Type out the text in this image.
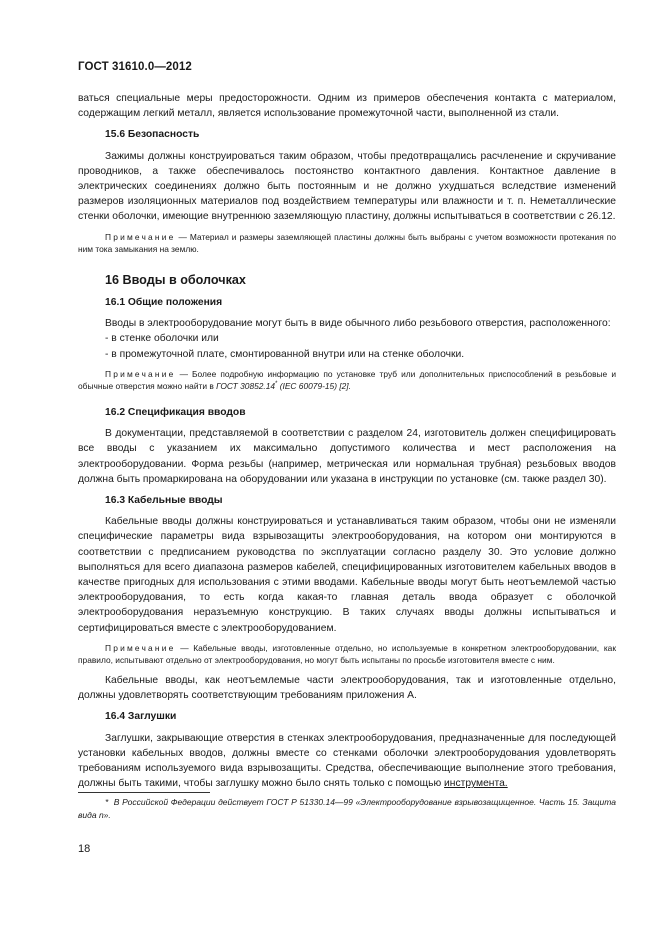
ГОСТ 31610.0—2012

ваться специальные меры предосторожности. Одним из примеров обеспечения контакта с материалом, содержащим легкий металл, является использование промежуточной части, выполненной из стали.

15.6 Безопасность

Зажимы должны конструироваться таким образом, чтобы предотвращались расчленение и скручивание проводников, а также обеспечивалось постоянство контактного давления. Контактное давление в электрических соединениях должно быть постоянным и не должно ухудшаться вследствие изменений размеров изоляционных материалов под воздействием температуры или влажности и т. п. Неметаллические стенки оболочки, имеющие внутреннюю заземляющую пластину, должны испытываться в соответствии с 26.12.

Примечание — Материал и размеры заземляющей пластины должны быть выбраны с учетом возможности протекания по ним тока замыкания на землю.

16 Вводы в оболочках

16.1 Общие положения

Вводы в электрооборудование могут быть в виде обычного либо резьбового отверстия, расположенного:

- в стенке оболочки или

- в промежуточной плате, смонтированной внутри или на стенке оболочки.

Примечание — Более подробную информацию по установке труб или дополнительных приспособлений в резьбовые и обычные отверстия можно найти в ГОСТ 30852.14* (IEC 60079-15) [2].

16.2 Спецификация вводов

В документации, представляемой в соответствии с разделом 24, изготовитель должен специфицировать все вводы с указанием их максимально допустимого количества и мест расположения на электрооборудовании. Форма резьбы (например, метрическая или нормальная трубная) резьбовых вводов должна быть промаркирована на оборудовании или указана в инструкции по установке (см. также раздел 30).

16.3 Кабельные вводы

Кабельные вводы должны конструироваться и устанавливаться таким образом, чтобы они не изменяли специфические параметры вида взрывозащиты электрооборудования, на котором они монтируются в соответствии с предписанием руководства по эксплуатации согласно разделу 30. Это условие должно выполняться для всего диапазона размеров кабелей, специфицированных изготовителем кабельных вводов в качестве пригодных для использования с этими вводами. Кабельные вводы могут быть неотъемлемой частью электрооборудования, то есть когда какая-то главная деталь ввода образует с оболочкой электрооборудования неразъемную конструкцию. В таких случаях вводы должны испытываться и сертифицироваться вместе с электрооборудованием.

Примечание — Кабельные вводы, изготовленные отдельно, но используемые в конкретном электрооборудовании, как правило, испытывают отдельно от электрооборудования, но могут быть испытаны по просьбе изготовителя вместе с ним.

Кабельные вводы, как неотъемлемые части электрооборудования, так и изготовленные отдельно, должны удовлетворять соответствующим требованиям приложения А.

16.4 Заглушки

Заглушки, закрывающие отверстия в стенках электрооборудования, предназначенные для последующей установки кабельных вводов, должны вместе со стенками оболочки электрооборудования удовлетворять требованиям используемого вида взрывозащиты. Средства, обеспечивающие выполнение этого требования, должны быть такими, чтобы заглушку можно было снять только с помощью инструмента.

* В Российской Федерации действует ГОСТ Р 51330.14—99 «Электрооборудование взрывозащищенное. Часть 15. Защита вида n».

18
